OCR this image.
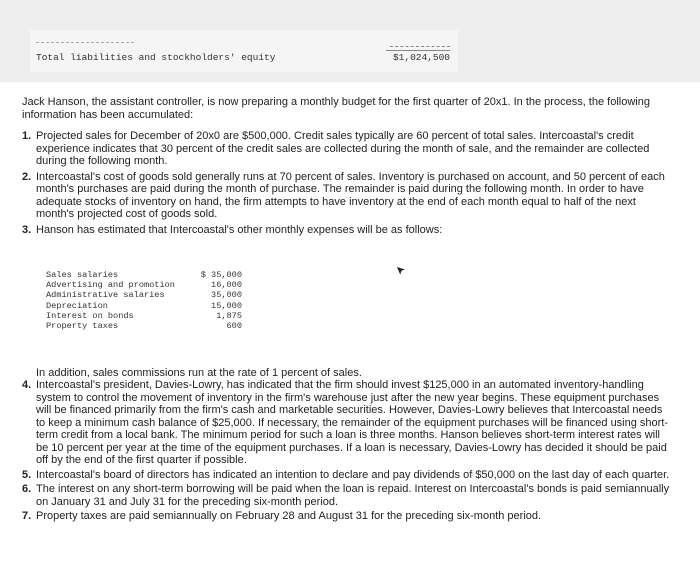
Total liabilities and stockholders' equity	$1,024,500
Jack Hanson, the assistant controller, is now preparing a monthly budget for the first quarter of 20x1. In the process, the following information has been accumulated:
1. Projected sales for December of 20x0 are $500,000. Credit sales typically are 60 percent of total sales. Intercoastal's credit experience indicates that 30 percent of the credit sales are collected during the month of sale, and the remainder are collected during the following month.
2. Intercoastal's cost of goods sold generally runs at 70 percent of sales. Inventory is purchased on account, and 50 percent of each month's purchases are paid during the month of purchase. The remainder is paid during the following month. In order to have adequate stocks of inventory on hand, the firm attempts to have inventory at the end of each month equal to half of the next month's projected cost of goods sold.
3. Hanson has estimated that Intercoastal's other monthly expenses will be as follows:
Sales salaries	$ 35,000
Advertising and promotion	16,000
Administrative salaries	35,000
Depreciation	15,000
Interest on bonds	1,875
Property taxes	600
In addition, sales commissions run at the rate of 1 percent of sales.
4. Intercoastal's president, Davies-Lowry, has indicated that the firm should invest $125,000 in an automated inventory-handling system to control the movement of inventory in the firm's warehouse just after the new year begins. These equipment purchases will be financed primarily from the firm's cash and marketable securities. However, Davies-Lowry believes that Intercoastal needs to keep a minimum cash balance of $25,000. If necessary, the remainder of the equipment purchases will be financed using short-term credit from a local bank. The minimum period for such a loan is three months. Hanson believes short-term interest rates will be 10 percent per year at the time of the equipment purchases. If a loan is necessary, Davies-Lowry has decided it should be paid off by the end of the first quarter if possible.
5. Intercoastal's board of directors has indicated an intention to declare and pay dividends of $50,000 on the last day of each quarter.
6. The interest on any short-term borrowing will be paid when the loan is repaid. Interest on Intercoastal's bonds is paid semiannually on January 31 and July 31 for the preceding six-month period.
7. Property taxes are paid semiannually on February 28 and August 31 for the preceding six-month period.
